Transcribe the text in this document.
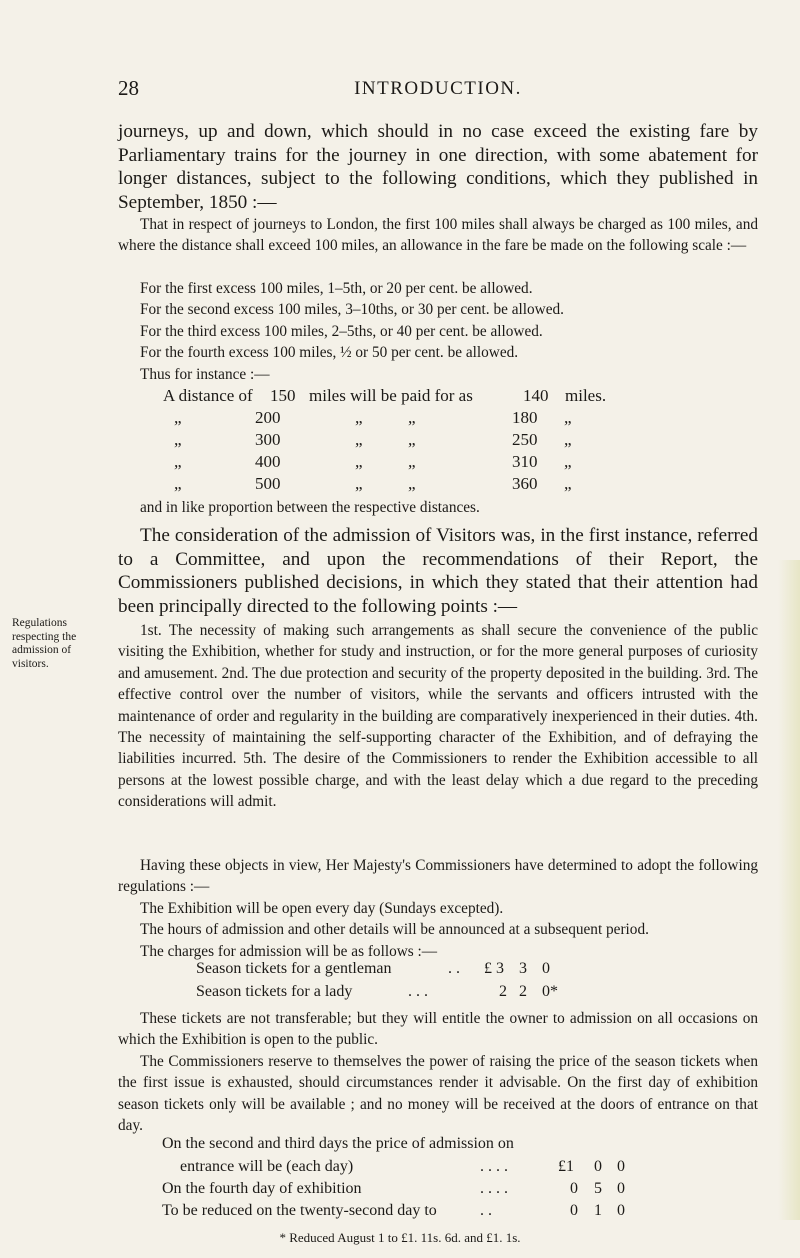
28	INTRODUCTION.

journeys, up and down, which should in no case exceed the existing fare by Parliamentary trains for the journey in one direction, with some abatement for longer distances, subject to the following conditions, which they published in September, 1850 :—

That in respect of journeys to London, the first 100 miles shall always be charged as 100 miles, and where the distance shall exceed 100 miles, an allowance in the fare be made on the following scale :—

For the first excess 100 miles, 1–5th, or 20 per cent. be allowed.

For the second excess 100 miles, 3–10ths, or 30 per cent. be allowed.

For the third excess 100 miles, 2–5ths, or 40 per cent. be allowed.

For the fourth excess 100 miles, ½ or 50 per cent. be allowed.

Thus for instance :—

A distance of 150 miles will be paid for as	140 miles.
„	200	„	„	180 „
„	300	„	„	250 „
„	400	„	„	310 „
„	500	„	„	360 „

and in like proportion between the respective distances.

Regulations
respecting the
admission of
visitors.

The consideration of the admission of Visitors was, in the first instance, referred to a Committee, and upon the recommendations of their Report, the Commissioners published decisions, in which they stated that their attention had been principally directed to the following points :—

1st. The necessity of making such arrangements as shall secure the convenience of the public visiting the Exhibition, whether for study and instruction, or for the more general purposes of curiosity and amusement. 2nd. The due protection and security of the property deposited in the building. 3rd. The effective control over the number of visitors, while the servants and officers intrusted with the maintenance of order and regularity in the building are comparatively inexperienced in their duties. 4th. The necessity of maintaining the self-supporting character of the Exhibition, and of defraying the liabilities incurred. 5th. The desire of the Commissioners to render the Exhibition accessible to all persons at the lowest possible charge, and with the least delay which a due regard to the preceding considerations will admit.

Having these objects in view, Her Majesty's Commissioners have determined to adopt the following regulations :—

The Exhibition will be open every day (Sundays excepted).

The hours of admission and other details will be announced at a subsequent period.

The charges for admission will be as follows :—

Season tickets for a gentleman	. . £ 3 3 0
Season tickets for a lady	. . .	2 2 0*

These tickets are not transferable; but they will entitle the owner to admission on all occasions on which the Exhibition is open to the public.

The Commissioners reserve to themselves the power of raising the price of the season tickets when the first issue is exhausted, should circumstances render it advisable. On the first day of exhibition season tickets only will be available ; and no money will be received at the doors of entrance on that day.

On the second and third days the price of admission on
entrance will be (each day)	. . . .	£1 0 0
On the fourth day of exhibition	. . . .	0 5 0
To be reduced on the twenty-second day to	. .	0 1 0
* Reduced August 1 to £1. 11s. 6d. and £1. 1s.
